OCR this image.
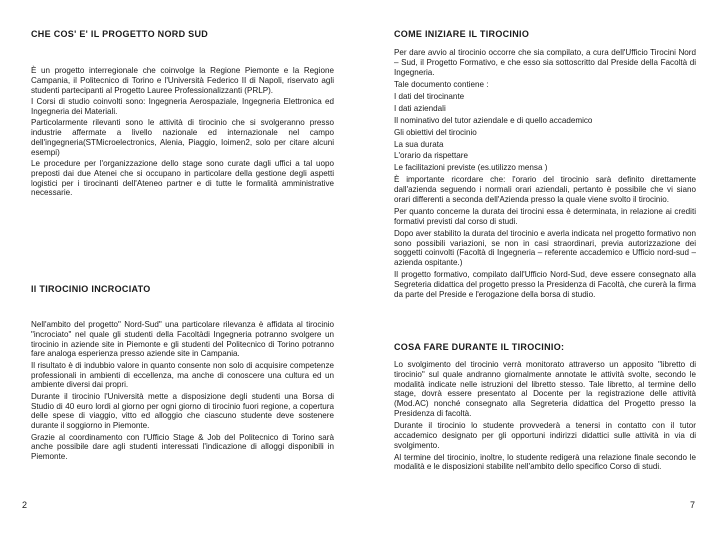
CHE COS' E' IL PROGETTO NORD SUD

È un progetto interregionale che coinvolge la Regione Piemonte e la Regione Campania, il Politecnico di Torino e l'Università Federico II di Napoli, riservato agli studenti partecipanti al Progetto Lauree Professionalizzanti (PRLP).

I Corsi di studio coinvolti sono: Ingegneria Aerospaziale, Ingegneria Elettronica ed Ingegneria dei Materiali.

Particolarmente rilevanti sono le attività di tirocinio che si svolgeranno presso industrie affermate a livello nazionale ed internazionale nel campo dell'ingegneria(STMicroelectronics, Alenia, Piaggio, Ioimen2, solo per citare alcuni esempi)

Le procedure per l'organizzazione dello stage sono curate dagli uffici a tal uopo preposti dai due Atenei che si occupano in particolare della gestione degli aspetti logistici per i tirocinanti dell'Ateneo partner e di tutte le formalità amministrative necessarie.

Il TIROCINIO INCROCIATO

Nell'ambito del progetto" Nord-Sud" una particolare rilevanza è affidata al tirocinio "incrociato" nel quale gli studenti della Facoltàdi Ingegneria potranno svolgere un tirocinio in aziende site in Piemonte e gli studenti del Politecnico di Torino potranno fare analoga esperienza presso aziende site in Campania.

Il risultato è di indubbio valore in quanto consente non solo di acquisire competenze professionali in ambienti di eccellenza, ma anche di conoscere una cultura ed un ambiente diversi dai propri.

Durante il tirocinio l'Università mette a disposizione degli studenti una Borsa di Studio di 40 euro lordi al giorno per ogni giorno di tirocinio fuori regione, a copertura delle spese di viaggio, vitto ed alloggio che ciascuno studente deve sostenere durante il soggiorno in Piemonte.

Grazie al coordinamento con l'Ufficio Stage & Job del Politecnico di Torino sarà anche possibile dare agli studenti interessati l'indicazione di alloggi disponibili in Piemonte.

2
COME INIZIARE IL TIROCINIO

Per dare avvio al tirocinio occorre che sia compilato, a cura dell'Ufficio Tirocini Nord – Sud, il Progetto Formativo, e che esso sia sottoscritto dal Preside della Facoltà di Ingegneria.

Tale documento contiene :

I dati del tirocinante

I dati aziendali

Il nominativo del tutor aziendale e di quello accademico

Gli obiettivi del tirocinio

La sua durata

L'orario da rispettare

Le facilitazioni previste (es.utilizzo mensa )

È importante ricordare che: l'orario del tirocinio sarà definito direttamente dall'azienda seguendo i normali orari aziendali, pertanto è possibile che vi siano orari differenti a seconda dell'Azienda presso la quale viene svolto il tirocinio.

Per quanto concerne la durata dei tirocini essa è determinata, in relazione ai crediti formativi previsti dal corso di studi.

Dopo aver stabilito la durata del tirocinio e averla indicata nel progetto formativo non sono possibili variazioni, se non in casi straordinari, previa autorizzazione dei soggetti coinvolti (Facoltà di Ingegneria – referente accademico e Ufficio nord-sud – azienda ospitante.)

Il progetto formativo, compilato dall'Ufficio Nord-Sud, deve essere consegnato alla Segreteria didattica del progetto presso la Presidenza di Facoltà, che curerà la firma da parte del Preside e l'erogazione della borsa di studio.

COSA FARE DURANTE IL TIROCINIO:

Lo svolgimento del tirocinio verrà monitorato attraverso un apposito "libretto di tirocinio" sul quale andranno giornalmente annotate le attività svolte, secondo le modalità indicate nelle istruzioni del libretto stesso. Tale libretto, al termine dello stage, dovrà essere presentato al Docente per la registrazione delle attività (Mod.AC) nonché consegnato alla Segreteria didattica del Progetto presso la Presidenza di facoltà.

Durante il tirocinio lo studente provvederà a tenersi in contatto con il tutor accademico designato per gli opportuni indirizzi didattici sulle attività in via di svolgimento.

Al termine del tirocinio, inoltre, lo studente redigerà una relazione finale secondo le modalità e le disposizioni stabilite nell'ambito dello specifico Corso di studi.

7
